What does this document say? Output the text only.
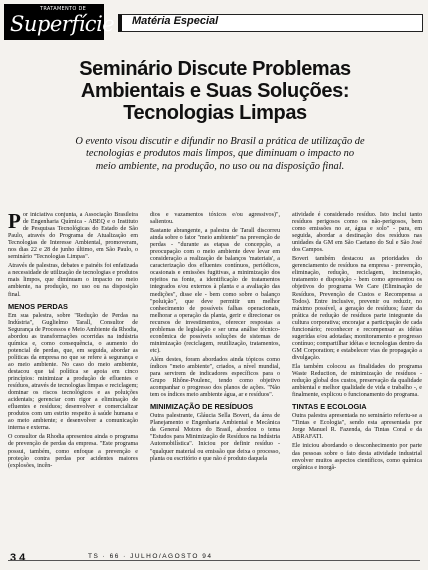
TRATAMENTO DE
Superfície Matéria Especial
Seminário Discute Problemas
Ambientais e Suas Soluções:
Tecnologias Limpas
O evento visou discutir e difundir no Brasil a prática de utilização de
tecnologias e produtos mais limpos, que diminuam o impacto no
meio ambiente, na produção, no uso ou na disposição final.

Por iniciativa conjunta, a Associação Brasileira de Engenharia Química - ABEQ e o Instituto de Pesquisas Tecnológicas do Estado de São Paulo, através do Programa de Atualização em Tecnologias de Interesse Ambiental, promoveram, nos dias 22 e 28 de junho último, em São Paulo, o seminário "Tecnologias Limpas".

Através de palestras, debates e painéis foi enfatizada a necessidade de utilização de tecnologias e produtos mais limpos, que diminuam o impacto no meio ambiente, na produção, no uso ou na disposição final.

MENOS PERDAS

Em sua palestra, sobre "Redução de Perdas na Indústria", Guglielmo Tarall, Consultor de Segurança de Processos e Meio Ambiente da Rhodia, abordou as transformações ocorridas na indústria química e, como consequência, o aumento do potencial de perdas, que, em seguida, abordar as políticas da empresa no que se refere à segurança e ao meio ambiente. No caso do meio ambiente, destacou que tal política se apoia em cinco princípios: minimizar a produção de efluentes e resíduos, através de tecnologias limpas e reciclagem; dominar os riscos tecnológicos e as poluições acidentais; gerenciar com rigor a eliminação de efluentes e resíduos; desenvolver e comercializar produtos com um estrito respeito à saúde humana e ao meio ambiente; e desenvolver a comunicação interna e externa.

O consultor da Rhodia apresentou ainda o programa de prevenção de perdas da empresa. "Este programa possui, também, como enfoque a prevenção e proteção contra perdas por acidentes maiores (explosões, incên-

dios e vazamentos tóxicos e/ou agressivos)", salientou.

Bastante abrangente, a palestra de Tarall discorreu ainda sobre o fator "meio ambiente" na prevenção de perdas - "durante as etapas de concepção, a preocupação com o meio ambiente deve levar em consideração a realização de balanços 'materiais', a caracterização dos efluentes contínuos, periódicos, ocasionais e emissões fugitivas, a minimização dos rejeitos na fonte, a identificação de tratamentos integrados e/ou externos à planta e a avaliação das medições", disse ele - bem como sobre o balanço "poluição", que deve permitir um melhor conhecimento de possíveis falhas operacionais, melhorar a operação da planta, gerir e direcionar os recursos de investimentos, oferecer respostas a problemas de legislação e ser uma análise técnico-econômica de possíveis soluções de sistemas de minimização (reciclagem, reutilização, tratamentos, etc).

Além destes, foram abordados ainda tópicos como índices "meio ambiente", criados, a nível mundial, para servirem de indicadores específicos para o Grupo Rhône-Poulenc, tendo como objetivo acompanhar o progresso dos planos de ações. "Não tem os índices meio ambiente água, ar e resíduos".

MINIMIZAÇÃO DE RESÍDUOS

Outra palestrante, Gláucia Sella Boveri, da área de Planejamento e Engenharia Ambiental e Mecânica da General Motors do Brasil, abordou o tema "Estudos para Minimização de Resíduos na Indústria Automobilística". Iniciou por definir resíduo - "qualquer material ou emissão que deixa o processo, planta ou escritório e que não é produto daquela

atividade é considerado resíduo. Isto inclui tanto resíduos perigosos como os não-perigosos, bem como emissões no ar, água e solo" - para, em seguida, abordar a destinação dos resíduos nas unidades da GM em São Caetano do Sul e São José dos Campos.

Boveri também destacou as prioridades do gerenciamento de resíduos na empresa - prevenção, eliminação, redução, reciclagem, incineração, tratamento e disposição - bem como apresentou os objetivos do programa We Care (Eliminação de Resíduos, Prevenção de Custos e Recompensa a Todos). Entre inclusive, prevenir ou reduzir, no máximo possível, a geração de resíduos; fazer da prática de redução de resíduos parte integrante da cultura corporativa; encorajar a participação de cada funcionário; reconhecer e recompensar as idéias sugeridas e/ou adotadas; monitoramento e progresso contínuo; compartilhar idéias e tecnologias dentro da GM Corporation; e estabelecer vias de propagação a divulgação.

Ela também colocou as finalidades do programa Waste Reduction, de minimização de resíduos - redução global dos custos, preservação da qualidade ambiental e melhor qualidade de vida e trabalho -, e finalmente, explicou o funcionamento do programa.

TINTAS E ECOLOGIA

Outra palestra apresentada no seminário referiu-se a "Tintas e Ecologia", sendo esta apresentada por Jorge Manuel R. Fazenda, da Tintas Coral e da ABRAFATI.

Ele iniciou abordando o desconhecimento por parte das pessoas sobre o fato desta atividade industrial envolver muitos aspectos científicos, como química orgânica e inorgâ-

3 4	TS · 66 · JULHO/AGOSTO 94
